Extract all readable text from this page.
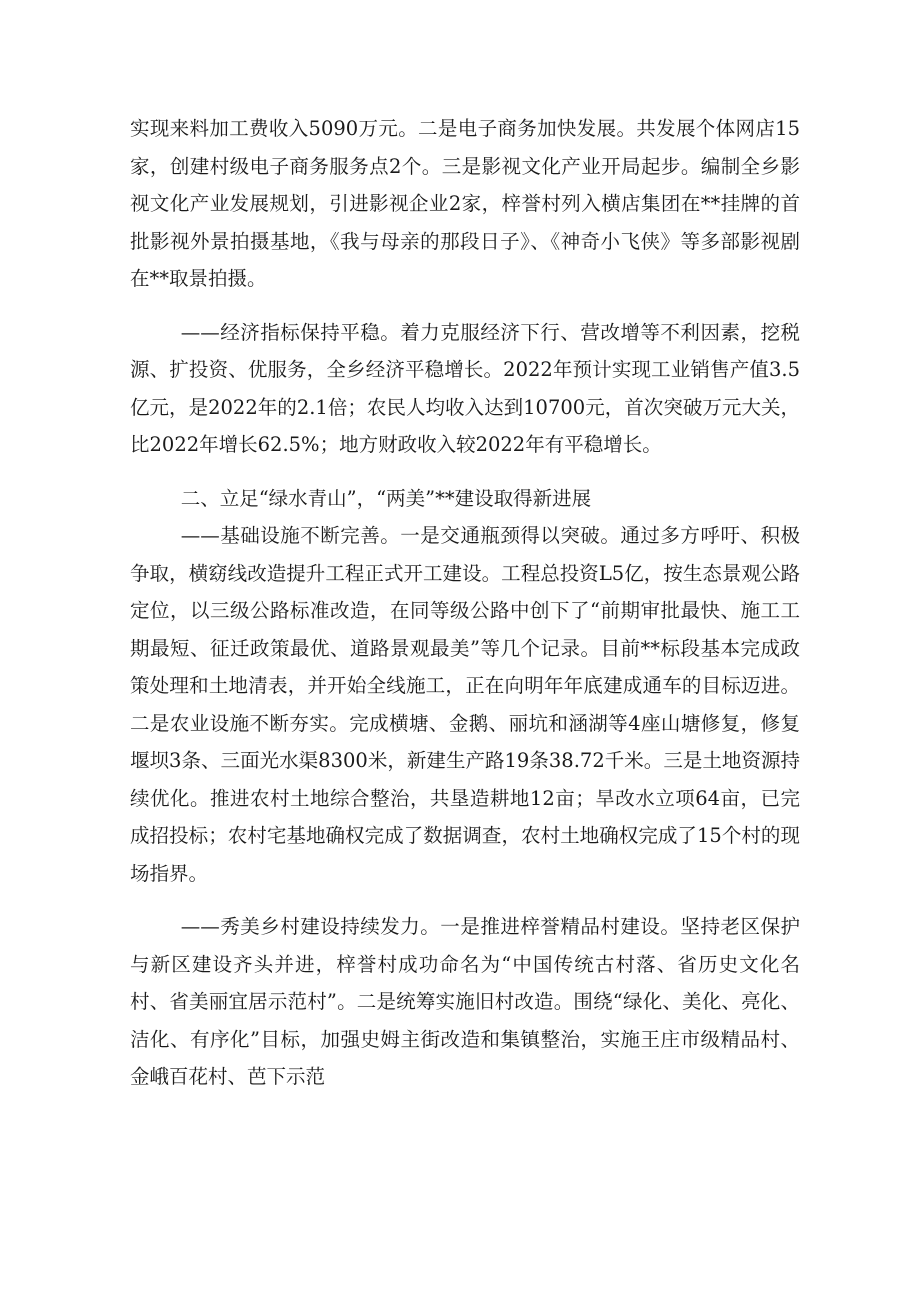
实现来料加工费收入5090万元。二是电子商务加快发展。共发展个体网店15家，创建村级电子商务服务点2个。三是影视文化产业开局起步。编制全乡影视文化产业发展规划，引进影视企业2家，梓誉村列入横店集团在**挂牌的首批影视外景拍摄基地，《我与母亲的那段日子》、《神奇小飞侠》等多部影视剧在**取景拍摄。

——经济指标保持平稳。着力克服经济下行、营改增等不利因素，挖税源、扩投资、优服务，全乡经济平稳增长。2022年预计实现工业销售产值3.5亿元，是2022年的2.1倍；农民人均收入达到10700元，首次突破万元大关，比2022年增长62.5%；地方财政收入较2022年有平稳增长。

二、立足“绿水青山”，“两美”**建设取得新进展

——基础设施不断完善。一是交通瓶颈得以突破。通过多方呼吁、积极争取，横窈线改造提升工程正式开工建设。工程总投资L5亿，按生态景观公路定位，以三级公路标准改造，在同等级公路中创下了“前期审批最快、施工工期最短、征迁政策最优、道路景观最美”等几个记录。目前**标段基本完成政策处理和土地清表，并开始全线施工，正在向明年年底建成通车的目标迈进。二是农业设施不断夯实。完成横塘、金鹅、丽坑和涵湖等4座山塘修复，修复堰坝3条、三面光水渠8300米，新建生产路19条38.72千米。三是土地资源持续优化。推进农村土地综合整治，共垦造耕地12亩；旱改水立项64亩，已完成招投标；农村宅基地确权完成了数据调查，农村土地确权完成了15个村的现场指界。

——秀美乡村建设持续发力。一是推进梓誉精品村建设。坚持老区保护与新区建设齐头并进，梓誉村成功命名为“中国传统古村落、省历史文化名村、省美丽宜居示范村”。二是统筹实施旧村改造。围绕“绿化、美化、亮化、洁化、有序化”目标，加强史姆主街改造和集镇整治，实施王庄市级精品村、金峨百花村、芭下示范
